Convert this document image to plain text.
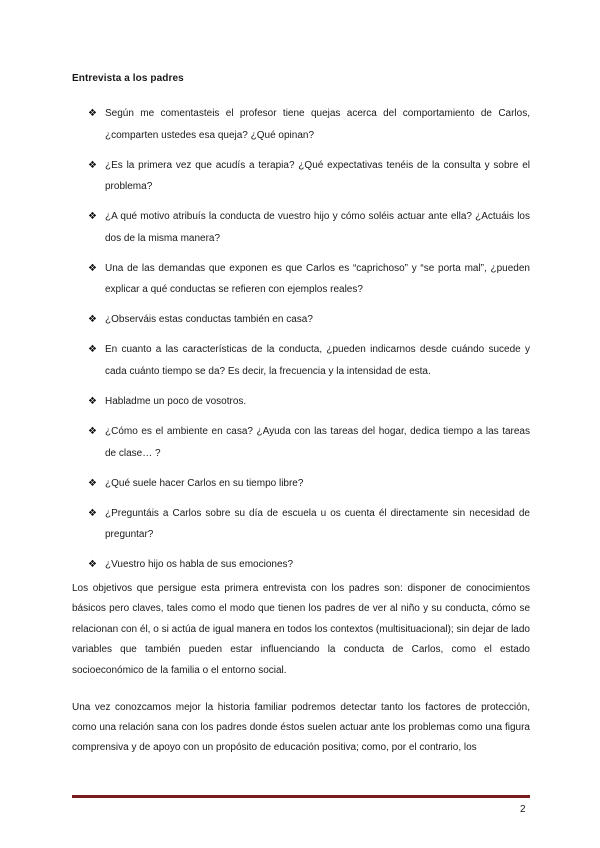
Entrevista a los padres
❖ Según me comentasteis el profesor tiene quejas acerca del comportamiento de Carlos, ¿comparten ustedes esa queja? ¿Qué opinan?
❖ ¿Es la primera vez que acudís a terapia? ¿Qué expectativas tenéis de la consulta y sobre el problema?
❖ ¿A qué motivo atribuís la conducta de vuestro hijo y cómo soléis actuar ante ella? ¿Actuáis los dos de la misma manera?
❖ Una de las demandas que exponen es que Carlos es “caprichoso” y “se porta mal”, ¿pueden explicar a qué conductas se refieren con ejemplos reales?
❖ ¿Observáis estas conductas también en casa?
❖ En cuanto a las características de la conducta, ¿pueden indicarnos desde cuándo sucede y cada cuánto tiempo se da? Es decir, la frecuencia y la intensidad de esta.
❖ Habladme un poco de vosotros.
❖ ¿Cómo es el ambiente en casa? ¿Ayuda con las tareas del hogar, dedica tiempo a las tareas de clase… ?
❖ ¿Qué suele hacer Carlos en su tiempo libre?
❖ ¿Preguntáis a Carlos sobre su día de escuela u os cuenta él directamente sin necesidad de preguntar?
❖ ¿Vuestro hijo os habla de sus emociones?

Los objetivos que persigue esta primera entrevista con los padres son: disponer de conocimientos básicos pero claves, tales como el modo que tienen los padres de ver al niño y su conducta, cómo se relacionan con él, o si actúa de igual manera en todos los contextos (multisituacional); sin dejar de lado variables que también pueden estar influenciando la conducta de Carlos, como el estado socioeconómico de la familia o el entorno social.

Una vez conozcamos mejor la historia familiar podremos detectar tanto los factores de protección, como una relación sana con los padres donde éstos suelen actuar ante los problemas como una figura comprensiva y de apoyo con un propósito de educación positiva; como, por el contrario, los

2
